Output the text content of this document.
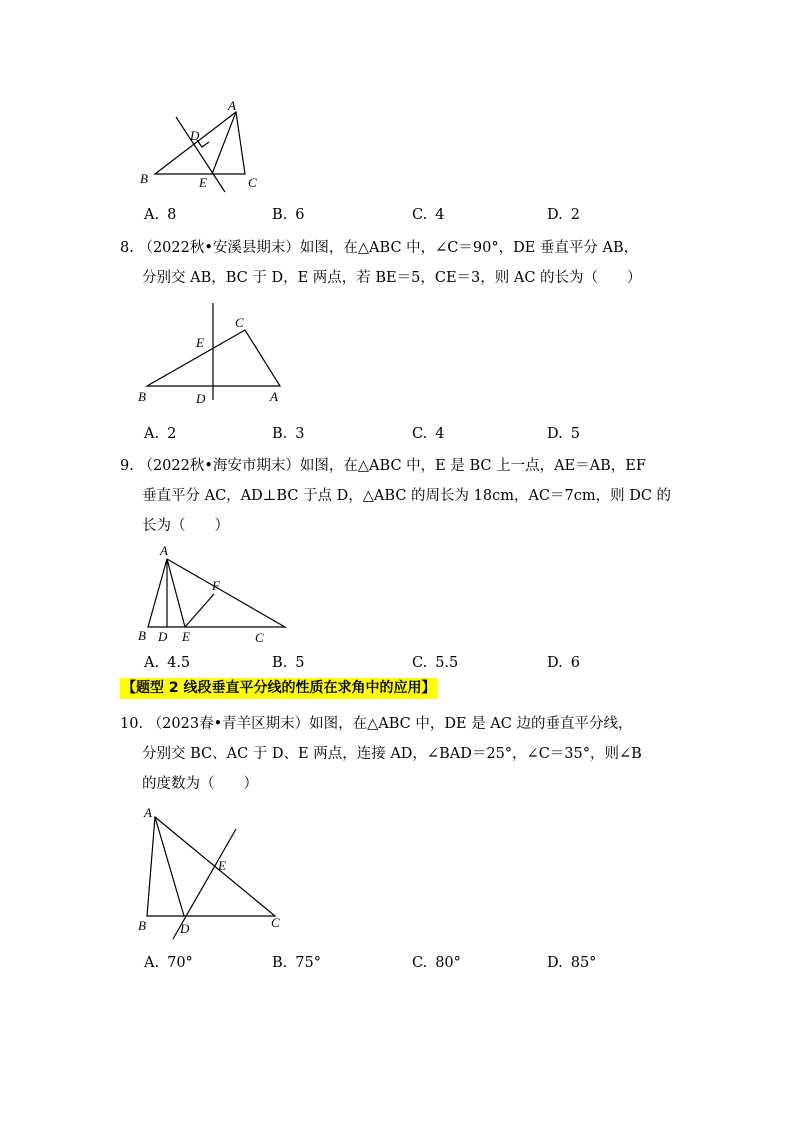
A
B	C
D
E
A. 8	B. 6	C. 4	D. 2
8. （2022秋•安溪县期末）如图，在△ABC 中，∠C＝90°，DE 垂直平分 AB，
分别交 AB，BC 于 D，E 两点，若 BE＝5，CE＝3，则 AC 的长为（　　）
C
E
B	D	A
A. 2	B. 3	C. 4	D. 5
9. （2022秋•海安市期末）如图，在△ABC 中，E 是 BC 上一点，AE＝AB，EF
垂直平分 AC，AD⊥BC 于点 D，△ABC 的周长为 18cm，AC＝7cm，则 DC 的
长为（　　）
A
F
B D E	C
A. 4.5	B. 5	C. 5.5	D. 6
【题型 2 线段垂直平分线的性质在求角中的应用】
10. （2023春•青羊区期末）如图，在△ABC 中，DE 是 AC 边的垂直平分线，
分别交 BC、AC 于 D、E 两点，连接 AD，∠BAD＝25°，∠C＝35°，则∠B
的度数为（　　）
A
E
B	D	C
A. 70°	B. 75°	C. 80°	D. 85°
